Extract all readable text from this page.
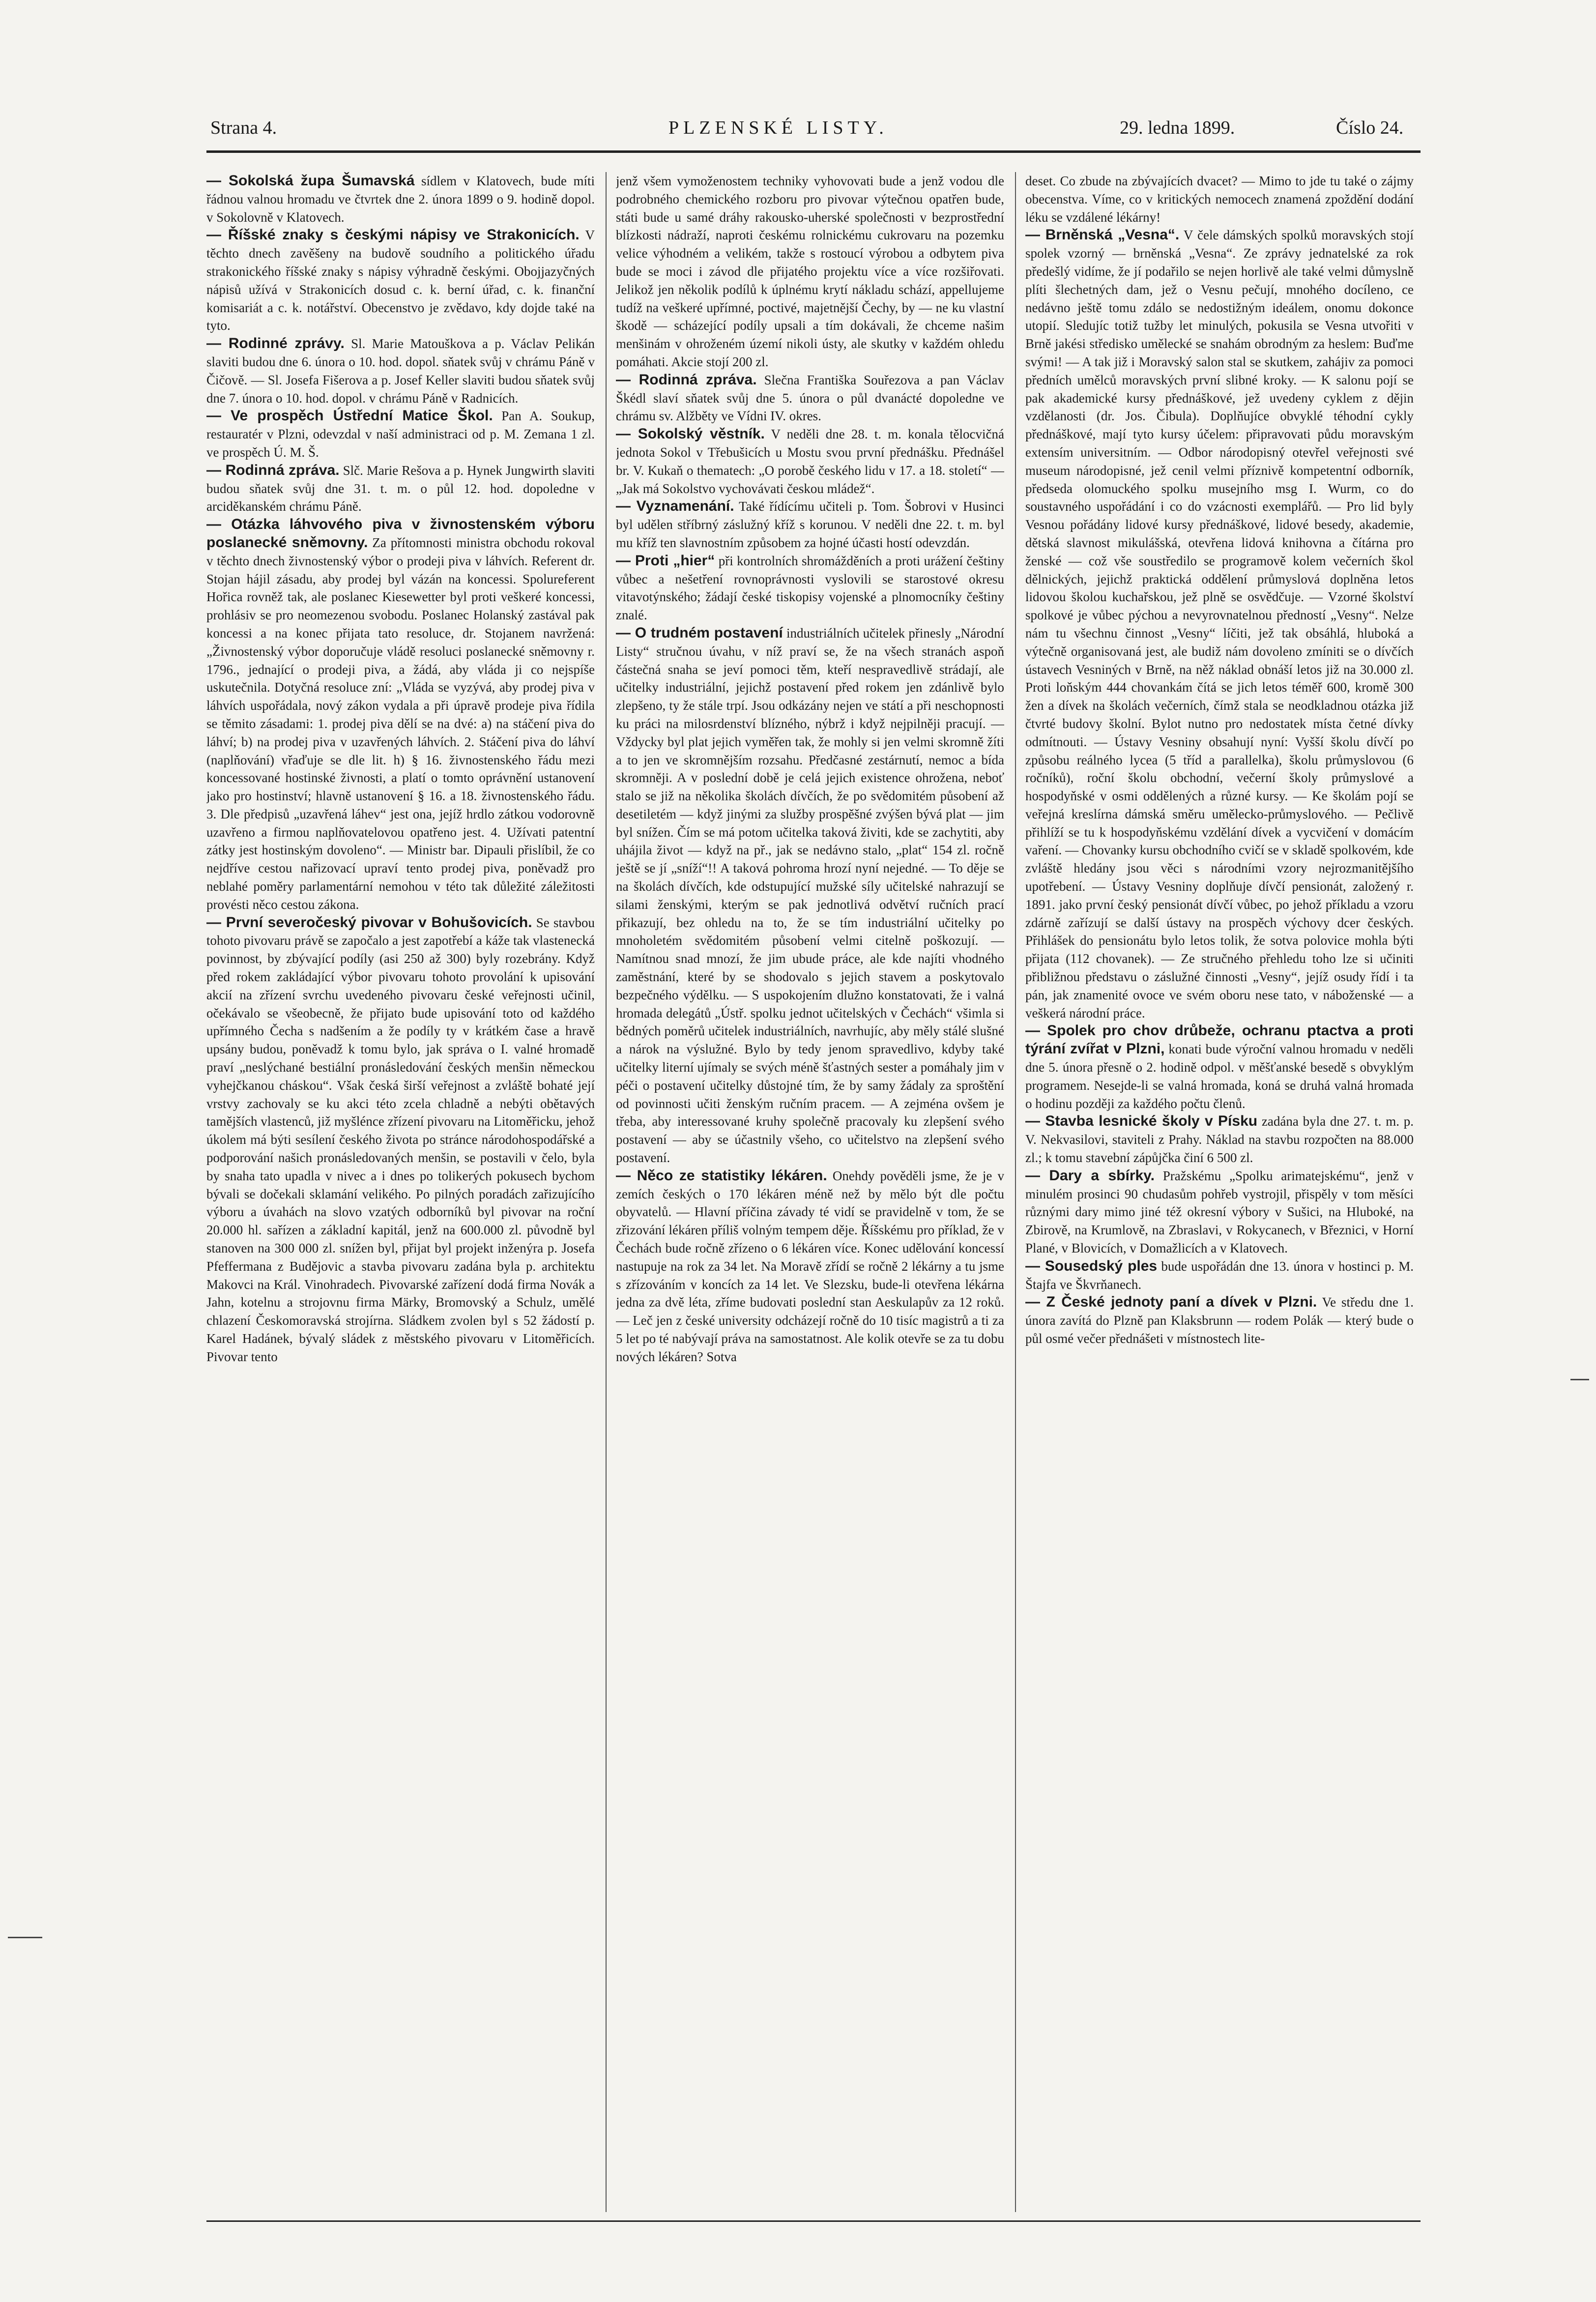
Strana 4.	PLZENSKÉ LISTY.	29. ledna 1899.	Číslo 24.

— Sokolská župa Šumavská sídlem v Klatovech, bude míti řádnou valnou hromadu ve čtvrtek dne 2. února 1899 o 9. hodině dopol. v Sokolovně v Klatovech.

— Říšské znaky s českými nápisy ve Strakonicích. V těchto dnech zavěšeny na budově soudního a politického úřadu strakonického říšské znaky s nápisy výhradně českými. Obojjazyčných nápisů užívá v Strakonicích dosud c. k. berní úřad, c. k. finanční komisariát a c. k. notářství. Obecenstvo je zvědavo, kdy dojde také na tyto.

— Rodinné zprávy. Sl. Marie Matouškova a p. Václav Pelikán slaviti budou dne 6. února o 10. hod. dopol. sňatek svůj v chrámu Páně v Čičově. — Sl. Josefa Fišerova a p. Josef Keller slaviti budou sňatek svůj dne 7. února o 10. hod. dopol. v chrámu Páně v Radnicích.

— Ve prospěch Ústřední Matice Škol. Pan A. Soukup, restauratér v Plzni, odevzdal v naší administraci od p. M. Zemana 1 zl. ve prospěch Ú. M. Š.

— Rodinná zpráva. Slč. Marie Rešova a p. Hynek Jungwirth slaviti budou sňatek svůj dne 31. t. m. o půl 12. hod. dopoledne v arciděkanském chrámu Páně.

— Otázka láhvového piva v živnostenském výboru poslanecké sněmovny. Za přítomnosti ministra obchodu rokoval v těchto dnech živnostenský výbor o prodeji piva v láhvích. Referent dr. Stojan hájil zásadu, aby prodej byl vázán na koncessi. Spolureferent Hořica rovněž tak, ale poslanec Kiesewetter byl proti veškeré koncessi, prohlásiv se pro neomezenou svobodu. Poslanec Holanský zastával pak koncessi a na konec přijata tato resoluce, dr. Stojanem navržená: „Živnostenský výbor doporučuje vládě resoluci poslanecké sněmovny r. 1796., jednající o prodeji piva, a žádá, aby vláda ji co nejspíše uskutečnila. Dotyčná resoluce zní: „Vláda se vyzývá, aby prodej piva v láhvích uspořádala, nový zákon vydala a při úpravě prodeje piva řídila se těmito zásadami: 1. prodej piva dělí se na dvé: a) na stáčení piva do láhví; b) na prodej piva v uzavřených láhvích. 2. Stáčení piva do láhví (naplňování) vřaďuje se dle lit. h) § 16. živnostenského řádu mezi koncessované hostinské živnosti, a platí o tomto oprávnění ustanovení jako pro hostinství; hlavně ustanovení § 16. a 18. živnostenského řádu. 3. Dle předpisů „uzavřená láhev“ jest ona, jejíž hrdlo zátkou vodorovně uzavřeno a firmou naplňovatelovou opatřeno jest. 4. Užívati patentní zátky jest hostinským dovoleno“. — Ministr bar. Dipauli přislíbil, že co nejdříve cestou nařizovací upraví tento prodej piva, poněvadž pro neblahé poměry parlamentární nemohou v této tak důležité záležitosti provésti něco cestou zákona.

— První severočeský pivovar v Bohušovicích. Se stavbou tohoto pivovaru právě se započalo a jest zapotřebí a káže tak vlastenecká povinnost, by zbývající podíly (asi 250 až 300) byly rozebrány. Když před rokem zakládající výbor pivovaru tohoto provolání k upisování akcií na zřízení svrchu uvedeného pivovaru české veřejnosti učinil, očekávalo se všeobecně, že přijato bude upisování toto od každého upřímného Čecha s nadšením a že podíly ty v krátkém čase a hravě upsány budou, poněvadž k tomu bylo, jak správa o I. valné hromadě praví „neslýchané bestiální pronásledování českých menšin německou vyhejčkanou cháskou“. Však česká širší veřejnost a zvláště bohaté její vrstvy zachovaly se ku akci této zcela chladně a nebýti obětavých tamějších vlastenců, již myšlénce zřízení pivovaru na Litoměřicku, jehož úkolem má býti sesílení českého života po stránce národohospodářské a podporování našich pronásledovaných menšin, se postavili v čelo, byla by snaha tato upadla v nivec a i dnes po tolikerých pokusech bychom bývali se dočekali sklamání velikého. Po pilných poradách zařizujícího výboru a úvahách na slovo vzatých odborníků byl pivovar na roční 20.000 hl. sařízen a základní kapitál, jenž na 600.000 zl. původně byl stanoven na 300 000 zl. snížen byl, přijat byl projekt inženýra p. Josefa Pfeffermana z Budějovic a stavba pivovaru zadána byla p. architektu Makovci na Král. Vinohradech. Pivovarské zařízení dodá firma Novák a Jahn, kotelnu a strojovnu firma Märky, Bromovský a Schulz, umělé chlazení Českomoravská strojírna. Sládkem zvolen byl s 52 žádostí p. Karel Hadánek, bývalý sládek z městského pivovaru v Litoměřicích. Pivovar tento

jenž všem vymoženostem techniky vyhovovati bude a jenž vodou dle podrobného chemického rozboru pro pivovar výtečnou opatřen bude, státi bude u samé dráhy rakousko-uherské společnosti v bezprostřední blízkosti nádraží, naproti českému rolnickému cukrovaru na pozemku velice výhodném a velikém, takže s rostoucí výrobou a odbytem piva bude se moci i závod dle přijatého projektu více a více rozšiřovati. Jelikož jen několik podílů k úplnému krytí nákladu schází, appellujeme tudíž na veškeré upřímné, poctivé, majetnější Čechy, by — ne ku vlastní škodě — scházející podíly upsali a tím dokávali, že chceme našim menšinám v ohroženém území nikoli ústy, ale skutky v každém ohledu pomáhati. Akcie stojí 200 zl.

— Rodinná zpráva. Slečna Františka Souřezova a pan Václav Škédl slaví sňatek svůj dne 5. února o půl dvanácté dopoledne ve chrámu sv. Alžběty ve Vídni IV. okres.

— Sokolský věstník. V neděli dne 28. t. m. konala tělocvičná jednota Sokol v Třebušicích u Mostu svou první přednášku. Přednášel br. V. Kukaň o thematech: „O porobě českého lidu v 17. a 18. století“ — „Jak má Sokolstvo vychovávati českou mládež“.

— Vyznamenání. Také řídícímu učiteli p. Tom. Šobrovi v Husinci byl udělen stříbrný záslužný kříž s korunou. V neděli dne 22. t. m. byl mu kříž ten slavnostním způsobem za hojné účasti hostí odevzdán.

— Proti „hier“ při kontrolních shromážděních a proti urážení češtiny vůbec a nešetření rovnoprávnosti vyslovili se starostové okresu vitavotýnského; žádají české tiskopisy vojenské a plnomocníky češtiny znalé.

— O trudném postavení industriálních učitelek přinesly „Národní Listy“ stručnou úvahu, v níž praví se, že na všech stranách aspoň částečná snaha se jeví pomoci těm, kteří nespravedlivě strádají, ale učitelky industriální, jejichž postavení před rokem jen zdánlivě bylo zlepšeno, ty že stále trpí. Jsou odkázány nejen ve státí a při neschopnosti ku práci na milosrdenství blízného, nýbrž i když nejpilněji pracují. — Vždycky byl plat jejich vyměřen tak, že mohly si jen velmi skromně žíti a to jen ve skromnějším rozsahu. Předčasné zestárnutí, nemoc a bída skromněji. A v poslední době je celá jejich existence ohrožena, neboť stalo se již na několika školách dívčích, že po svědomitém působení až desetiletém — když jinými za služby prospěšné zvýšen bývá plat — jim byl snížen. Čím se má potom učitelka taková živiti, kde se zachytiti, aby uhájila život — když na př., jak se nedávno stalo, „plat“ 154 zl. ročně ještě se jí „sníží“!! A taková pohroma hrozí nyní nejedné. — To děje se na školách dívčích, kde odstupující mužské síly učitelské nahrazují se silami ženskými, kterým se pak jednotlivá odvětví ručních prací přikazují, bez ohledu na to, že se tím industriální učitelky po mnoholetém svědomitém působení velmi citelně poškozují. — Namítnou snad mnozí, že jim ubude práce, ale kde najíti vhodného zaměstnání, které by se shodovalo s jejich stavem a poskytovalo bezpečného výdělku. — S uspokojením dlužno konstatovati, že i valná hromada delegátů „Ústř. spolku jednot učitelských v Čechách“ všimla si bědných poměrů učitelek industriálních, navrhujíc, aby měly stálé slušné a nárok na výslužné. Bylo by tedy jenom spravedlivo, kdyby také učitelky literní ujímaly se svých méně šťastných sester a pomáhaly jim v péči o postavení učitelky důstojné tím, že by samy žádaly za sproštění od povinnosti učiti ženským ručním pracem. — A zejména ovšem je třeba, aby interessované kruhy společně pracovaly ku zlepšení svého postavení — aby se účastnily všeho, co učitelstvo na zlepšení svého postavení.

— Něco ze statistiky lékáren. Onehdy pověděli jsme, že je v zemích českých o 170 lékáren méně než by mělo být dle počtu obyvatelů. — Hlavní příčina závady té vidí se pravidelně v tom, že se zřizování lékáren příliš volným tempem děje. Říšskému pro příklad, že v Čechách bude ročně zřízeno o 6 lékáren více. Konec udělování koncessí nastupuje na rok za 34 let. Na Moravě zřídí se ročně 2 lékárny a tu jsme s zřízováním v koncích za 14 let. Ve Slezsku, bude-li otevřena lékárna jedna za dvě léta, zříme budovati poslední stan Aeskulapův za 12 roků. — Leč jen z české university odcházejí ročně do 10 tisíc magistrů a ti za 5 let po té nabývají práva na samostatnost. Ale kolik otevře se za tu dobu nových lékáren? Sotva

deset. Co zbude na zbývajících dvacet? — Mimo to jde tu také o zájmy obecenstva. Víme, co v kritických nemocech znamená zpoždění dodání léku se vzdálené lékárny!

— Brněnská „Vesna“. V čele dámských spolků moravských stojí spolek vzorný — brněnská „Vesna“. Ze zprávy jednatelské za rok předešlý vidíme, že jí podařilo se nejen horlivě ale také velmi důmyslně plíti šlechetných dam, jež o Vesnu pečují, mnohého docíleno, ce nedávno ještě tomu zdálo se nedostižným ideálem, onomu dokonce utopií. Sledujíc totiž tužby let minulých, pokusila se Vesna utvořiti v Brně jakési středisko umělecké se snahám obrodným za heslem: Buďme svými! — A tak již i Moravský salon stal se skutkem, zahájiv za pomoci předních umělců moravských první slibné kroky. — K salonu pojí se pak akademické kursy přednáškové, jež uvedeny cyklem z dějin vzdělanosti (dr. Jos. Čibula). Doplňujíce obvyklé téhodní cykly přednáškové, mají tyto kursy účelem: připravovati půdu moravským extensím universitním. — Odbor národopisný otevřel veřejnosti své museum národopisné, jež cenil velmi příznivě kompetentní odborník, předseda olomuckého spolku musejního msg I. Wurm, co do soustavného uspořádání i co do vzácnosti exemplářů. — Pro lid byly Vesnou pořádány lidové kursy přednáškové, lidové besedy, akademie, dětská slavnost mikulášská, otevřena lidová knihovna a čítárna pro ženské — což vše soustředilo se programově kolem večerních škol dělnických, jejichž praktická oddělení průmyslová doplněna letos lidovou školou kuchařskou, jež plně se osvědčuje. — Vzorné školství spolkové je vůbec pýchou a nevyrovnatelnou předností „Vesny“. Nelze nám tu všechnu činnost „Vesny“ líčiti, jež tak obsáhlá, hluboká a výtečně organisovaná jest, ale budiž nám dovoleno zmíniti se o dívčích ústavech Vesniných v Brně, na něž náklad obnáší letos již na 30.000 zl. Proti loňským 444 chovankám čítá se jich letos téměř 600, kromě 300 žen a dívek na školách večerních, čímž stala se neodkladnou otázka již čtvrté budovy školní. Bylot nutno pro nedostatek místa četné dívky odmítnouti. — Ústavy Vesniny obsahují nyní: Vyšší školu dívčí po způsobu reálného lycea (5 tříd a parallelka), školu průmyslovou (6 ročníků), roční školu obchodní, večerní školy průmyslové a hospodyňské v osmi oddělených a různé kursy. — Ke školám pojí se veřejná kreslírna dámská směru umělecko-průmyslového. — Pečlivě přihlíží se tu k hospodyňskému vzdělání dívek a vycvičení v domácím vaření. — Chovanky kursu obchodního cvičí se v skladě spolkovém, kde zvláště hledány jsou věci s národními vzory nejrozmanitějšího upotřebení. — Ústavy Vesniny doplňuje dívčí pensionát, založený r. 1891. jako první český pensionát dívčí vůbec, po jehož příkladu a vzoru zdárně zařízují se další ústavy na prospěch výchovy dcer českých. Přihlášek do pensionátu bylo letos tolik, že sotva polovice mohla býti přijata (112 chovanek). — Ze stručného přehledu toho lze si učiniti přibližnou představu o záslužné činnosti „Vesny“, jejíž osudy řídí i ta pán, jak znamenité ovoce ve svém oboru nese tato, v náboženské — a veškerá národní práce.

— Spolek pro chov drůbeže, ochranu ptactva a proti týrání zvířat v Plzni, konati bude výroční valnou hromadu v neděli dne 5. února přesně o 2. hodině odpol. v měšťanské besedě s obvyklým programem. Nesejde-li se valná hromada, koná se druhá valná hromada o hodinu později za každého počtu členů.

— Stavba lesnické školy v Písku zadána byla dne 27. t. m. p. V. Nekvasilovi, staviteli z Prahy. Náklad na stavbu rozpočten na 88.000 zl.; k tomu stavební zápůjčka činí 6 500 zl.

— Dary a sbírky. Pražskému „Spolku arimatejskému“, jenž v minulém prosinci 90 chudasům pohřeb vystrojil, přispěly v tom měsíci různými dary mimo jiné též okresní výbory v Sušici, na Hluboké, na Zbirově, na Krumlově, na Zbraslavi, v Rokycanech, v Březnici, v Horní Plané, v Blovicích, v Domažlicích a v Klatovech.

— Sousedský ples bude uspořádán dne 13. února v hostinci p. M. Štajfa ve Škvrňanech.

— Z České jednoty paní a dívek v Plzni. Ve středu dne 1. února zavítá do Plzně pan Klaksbrunn — rodem Polák — který bude o půl osmé večer přednášeti v místnostech lite-
